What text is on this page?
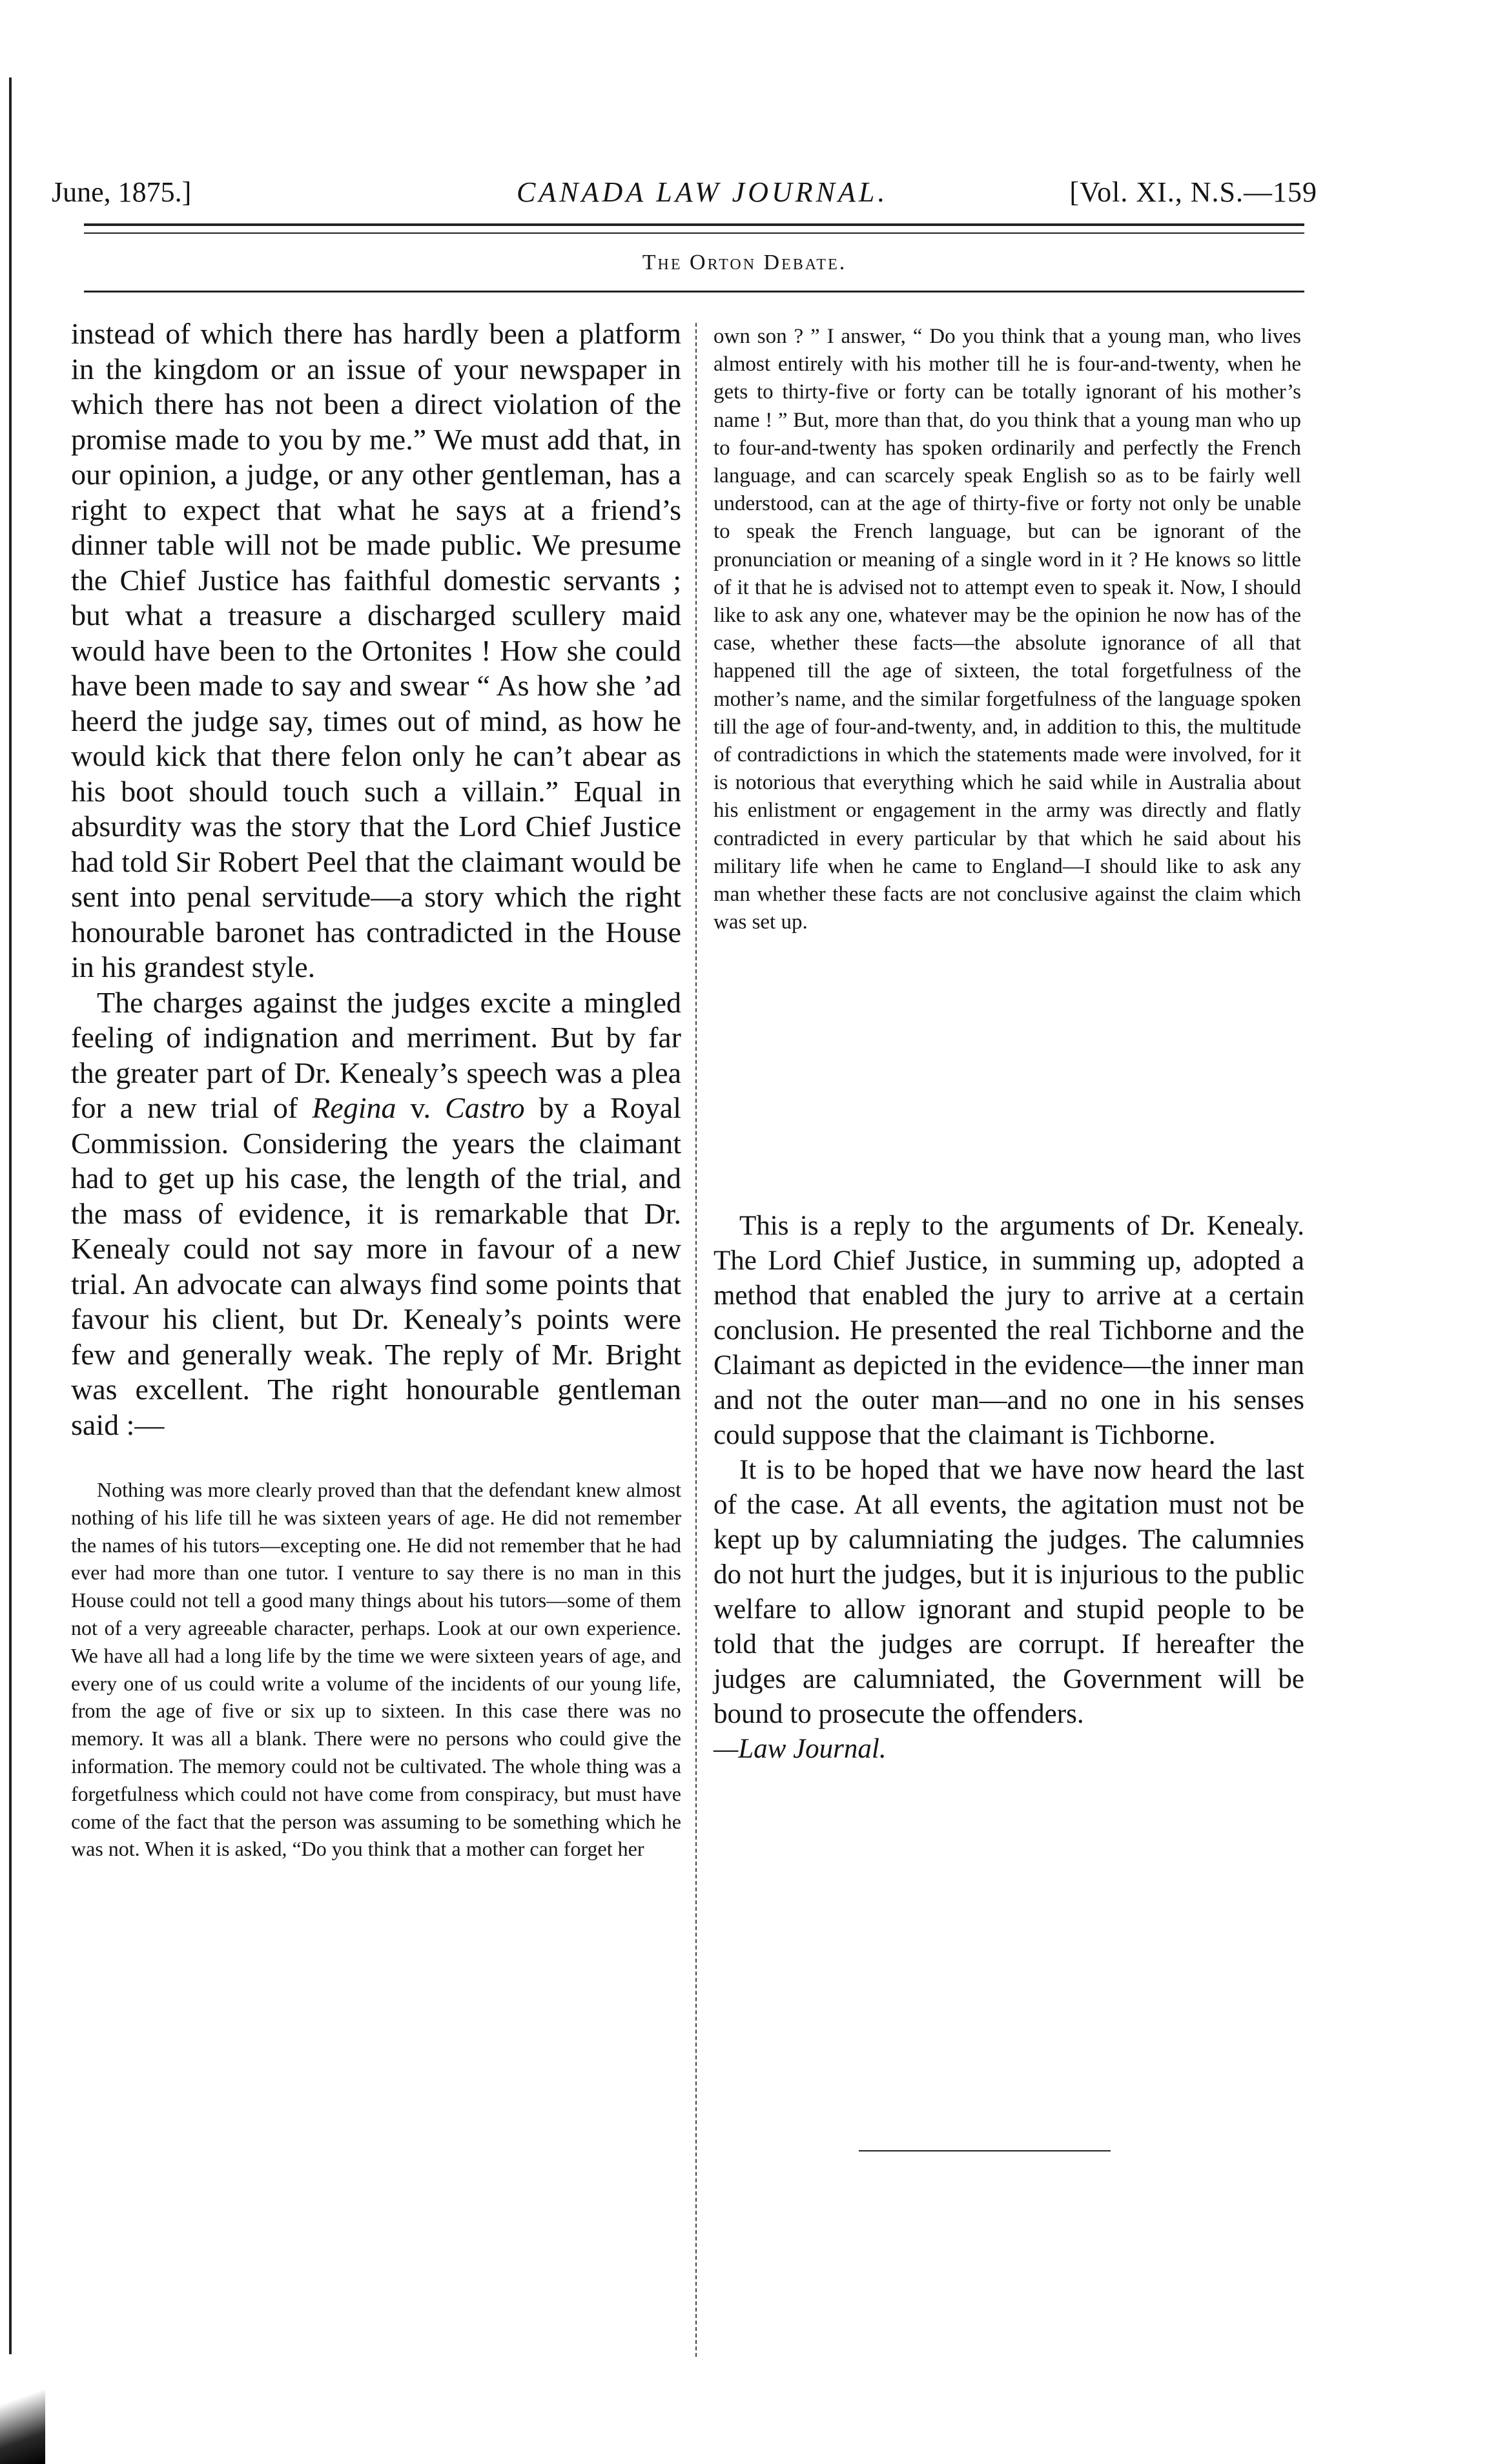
June, 1875.]	CANADA LAW JOURNAL.	[Vol. XI., N.S.—159
The Orton Debate.

instead of which there has hardly been a platform in the kingdom or an issue of your newspaper in which there has not been a direct violation of the promise made to you by me.” We must add that, in our opinion, a judge, or any other gentleman, has a right to expect that what he says at a friend’s dinner table will not be made public. We presume the Chief Justice has faithful domestic servants ; but what a treasure a discharged scullery maid would have been to the Ortonites ! How she could have been made to say and swear “ As how she ’ad heerd the judge say, times out of mind, as how he would kick that there felon only he can’t abear as his boot should touch such a villain.” Equal in absurdity was the story that the Lord Chief Justice had told Sir Robert Peel that the claimant would be sent into penal servitude—a story which the right honourable baronet has contradicted in the House in his grandest style.

The charges against the judges excite a mingled feeling of indignation and merriment. But by far the greater part of Dr. Kenealy’s speech was a plea for a new trial of Regina v. Castro by a Royal Commission. Considering the years the claimant had to get up his case, the length of the trial, and the mass of evidence, it is remarkable that Dr. Kenealy could not say more in favour of a new trial. An advocate can always find some points that favour his client, but Dr. Kenealy’s points were few and generally weak. The reply of Mr. Bright was excellent. The right honourable gentleman said :—

Nothing was more clearly proved than that the defendant knew almost nothing of his life till he was sixteen years of age. He did not remember the names of his tutors—excepting one. He did not remember that he had ever had more than one tutor. I venture to say there is no man in this House could not tell a good many things about his tutors—some of them not of a very agreeable character, perhaps. Look at our own experience. We have all had a long life by the time we were sixteen years of age, and every one of us could write a volume of the incidents of our young life, from the age of five or six up to sixteen. In this case there was no memory. It was all a blank. There were no persons who could give the information. The memory could not be cultivated. The whole thing was a forgetfulness which could not have come from conspiracy, but must have come of the fact that the person was assuming to be something which he was not. When it is asked, “Do you think that a mother can forget her

own son ? ” I answer, “ Do you think that a young man, who lives almost entirely with his mother till he is four-and-twenty, when he gets to thirty-five or forty can be totally ignorant of his mother’s name ! ” But, more than that, do you think that a young man who up to four-and-twenty has spoken ordinarily and perfectly the French language, and can scarcely speak English so as to be fairly well understood, can at the age of thirty-five or forty not only be unable to speak the French language, but can be ignorant of the pronunciation or meaning of a single word in it ? He knows so little of it that he is advised not to attempt even to speak it. Now, I should like to ask any one, whatever may be the opinion he now has of the case, whether these facts—the absolute ignorance of all that happened till the age of sixteen, the total forgetfulness of the mother’s name, and the similar forgetfulness of the language spoken till the age of four-and-twenty, and, in addition to this, the multitude of contradictions in which the statements made were involved, for it is notorious that everything which he said while in Australia about his enlistment or engagement in the army was directly and flatly contradicted in every particular by that which he said about his military life when he came to England—I should like to ask any man whether these facts are not conclusive against the claim which was set up.

This is a reply to the arguments of Dr. Kenealy. The Lord Chief Justice, in summing up, adopted a method that enabled the jury to arrive at a certain conclusion. He presented the real Tichborne and the Claimant as depicted in the evidence—the inner man and not the outer man—and no one in his senses could suppose that the claimant is Tichborne.

It is to be hoped that we have now heard the last of the case. At all events, the agitation must not be kept up by calumniating the judges. The calumnies do not hurt the judges, but it is injurious to the public welfare to allow ignorant and stupid people to be told that the judges are corrupt. If hereafter the judges are calumniated, the Government will be bound to prosecute the offenders.

—Law Journal.
